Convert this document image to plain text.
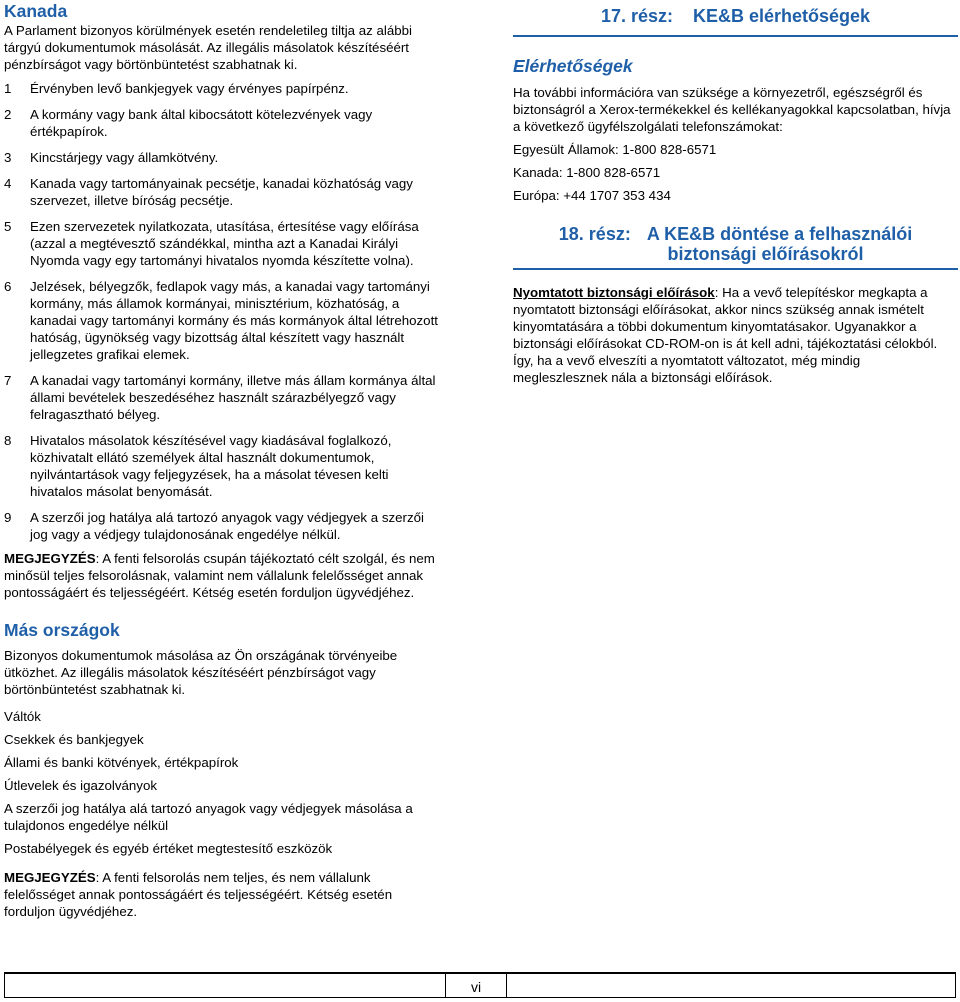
Kanada

A Parlament bizonyos körülmények esetén rendeletileg tiltja az alábbi tárgyú dokumentumok másolását. Az illegális másolatok készítéséért pénzbírságot vagy börtönbüntetést szabhatnak ki.

1	Érvényben levő bankjegyek vagy érvényes papírpénz.
2	A kormány vagy bank által kibocsátott kötelezvények vagy értékpapírok.
3	Kincstárjegy vagy államkötvény.
4	Kanada vagy tartományainak pecsétje, kanadai közhatóság vagy szervezet, illetve bíróság pecsétje.
5	Ezen szervezetek nyilatkozata, utasítása, értesítése vagy előírása (azzal a megtévesztő szándékkal, mintha azt a Kanadai Királyi Nyomda vagy egy tartományi hivatalos nyomda készítette volna).
6	Jelzések, bélyegzők, fedlapok vagy más, a kanadai vagy tartományi kormány, más államok kormányai, minisztérium, közhatóság, a kanadai vagy tartományi kormány és más kormányok által létrehozott hatóság, ügynökség vagy bizottság által készített vagy használt jellegzetes grafikai elemek.
7	A kanadai vagy tartományi kormány, illetve más állam kormánya által állami bevételek beszedéséhez használt szárazbélyegző vagy felragasztható bélyeg.
8	Hivatalos másolatok készítésével vagy kiadásával foglalkozó, közhivatalt ellátó személyek által használt dokumentumok, nyilvántartások vagy feljegyzések, ha a másolat tévesen kelti hivatalos másolat benyomását.
9	A szerzői jog hatálya alá tartozó anyagok vagy védjegyek a szerzői jog vagy a védjegy tulajdonosának engedélye nélkül.

MEGJEGYZÉS: A fenti felsorolás csupán tájékoztató célt szolgál, és nem minősül teljes felsorolásnak, valamint nem vállalunk felelősséget annak pontosságáért és teljességéért. Kétség esetén forduljon ügyvédjéhez.

Más országok

Bizonyos dokumentumok másolása az Ön országának törvényeibe ütközhet. Az illegális másolatok készítéséért pénzbírságot vagy börtönbüntetést szabhatnak ki.

Váltók

Csekkek és bankjegyek

Állami és banki kötvények, értékpapírok

Útlevelek és igazolványok

A szerzői jog hatálya alá tartozó anyagok vagy védjegyek másolása a tulajdonos engedélye nélkül

Postabélyegek és egyéb értéket megtestesítő eszközök

MEGJEGYZÉS: A fenti felsorolás nem teljes, és nem vállalunk felelősséget annak pontosságáért és teljességéért. Kétség esetén forduljon ügyvédjéhez.

17. rész: KE&B elérhetőségek
Elérhetőségek

Ha további információra van szüksége a környezetről, egészségről és biztonságról a Xerox-termékekkel és kellékanyagokkal kapcsolatban, hívja a következő ügyfélszolgálati telefonszámokat:

Egyesült Államok: 1-800 828-6571

Kanada: 1-800 828-6571

Európa: +44 1707 353 434

18. rész: A KE&B döntése a felhasználói
biztonsági előírásokról

Nyomtatott biztonsági előírások: Ha a vevő telepítéskor megkapta a nyomtatott biztonsági előírásokat, akkor nincs szükség annak ismételt kinyomtatására a többi dokumentum kinyomtatásakor. Ugyanakkor a biztonsági előírásokat CD-ROM-on is át kell adni, tájékoztatási célokból. Így, ha a vevő elveszíti a nyomtatott változatot, még mindig megleszlesznek nála a biztonsági előírások.

vi
